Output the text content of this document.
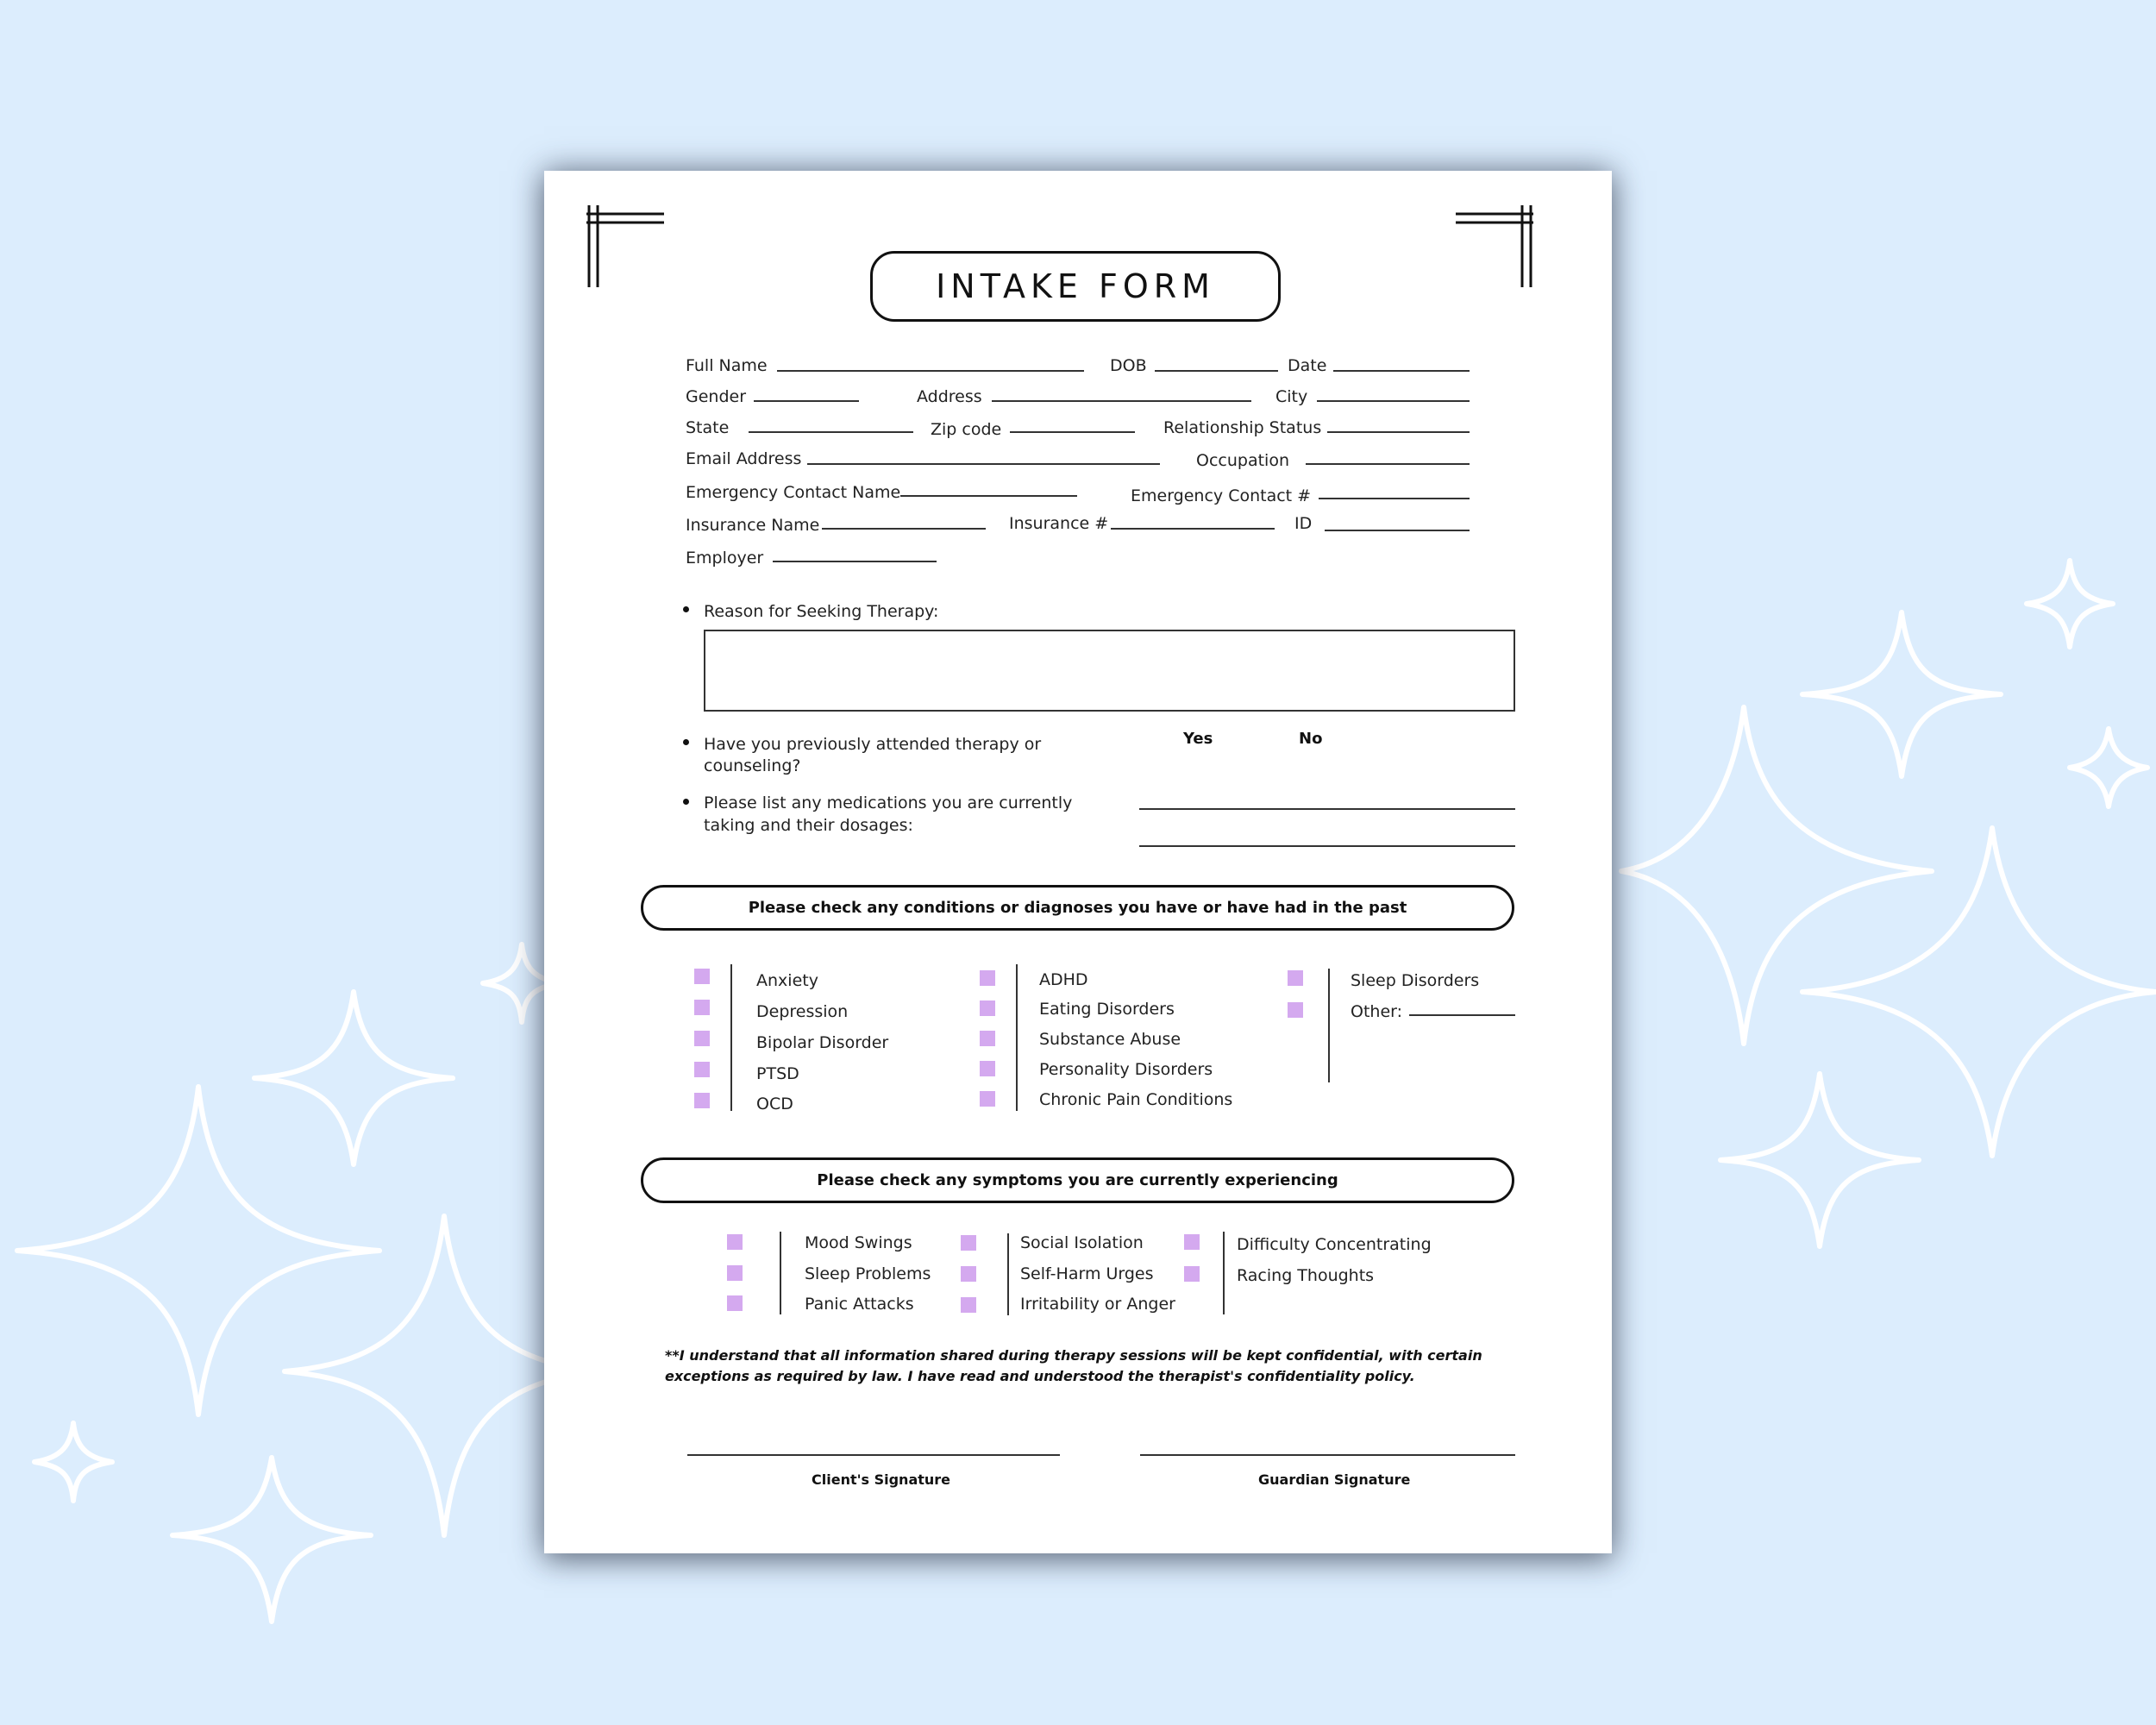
INTAKE FORM
Full Name	DOB	Date
Gender	Address	City
State	Zip code	Relationship Status
Email Address	Occupation
Emergency Contact Name	Emergency Contact #
Insurance Name	Insurance #	ID
Employer
Reason for Seeking Therapy:
Have you previously attended therapy or
counseling?
Yes	No
Please list any medications you are currently
taking and their dosages:
Please check any conditions or diagnoses you have or have had in the past
Anxiety
Depression
Bipolar Disorder
PTSD
OCD
ADHD
Eating Disorders
Substance Abuse
Personality Disorders
Chronic Pain Conditions
Sleep Disorders
Other:
Please check any symptoms you are currently experiencing
Mood Swings
Sleep Problems
Panic Attacks
Social Isolation
Self-Harm Urges
Irritability or Anger
Difficulty Concentrating
Racing Thoughts
**I understand that all information shared during therapy sessions will be kept confidential, with certain exceptions as required by law. I have read and understood the therapist's confidentiality policy.
Client's Signature	Guardian Signature
